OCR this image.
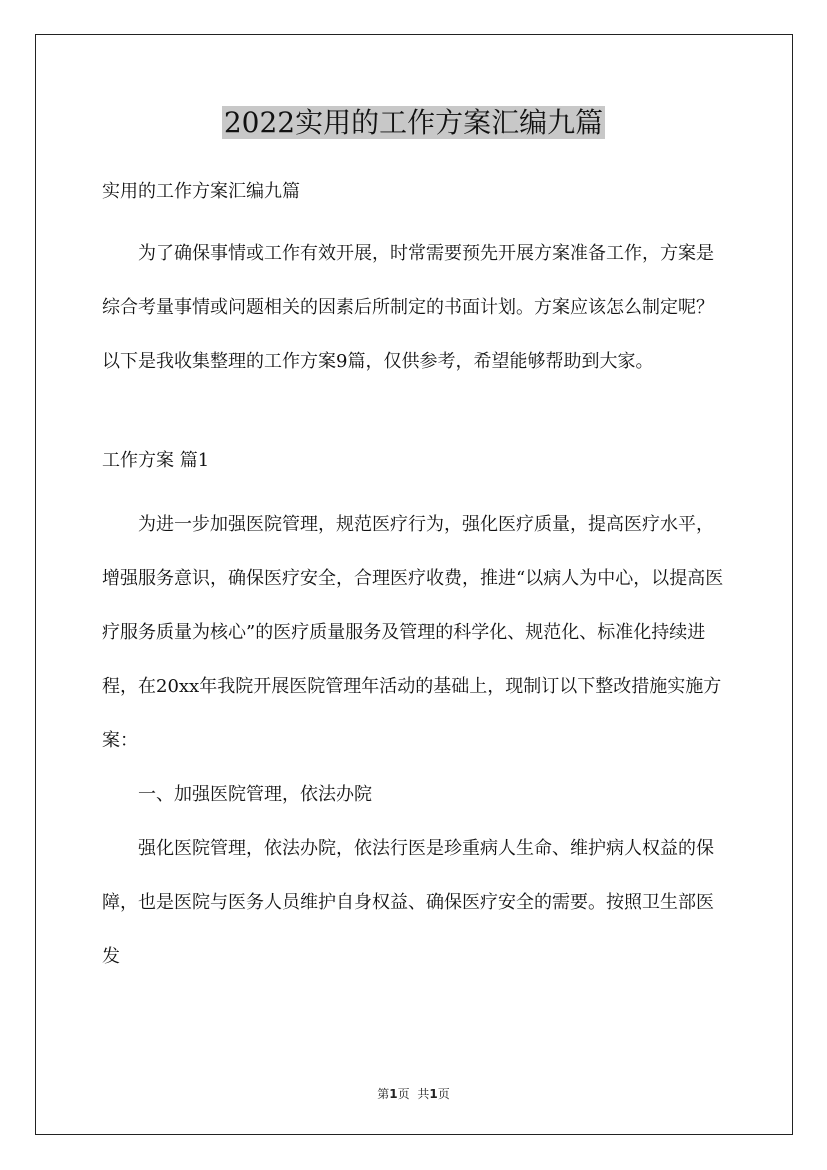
2022实用的工作方案汇编九篇

实用的工作方案汇编九篇

为了确保事情或工作有效开展，时常需要预先开展方案准备工作，方案是综合考量事情或问题相关的因素后所制定的书面计划。方案应该怎么制定呢？以下是我收集整理的工作方案9篇，仅供参考，希望能够帮助到大家。

工作方案 篇1

为进一步加强医院管理，规范医疗行为，强化医疗质量，提高医疗水平，增强服务意识，确保医疗安全，合理医疗收费，推进“以病人为中心，以提高医疗服务质量为核心”的医疗质量服务及管理的科学化、规范化、标准化持续进程，在20xx年我院开展医院管理年活动的基础上，现制订以下整改措施实施方案：

一、加强医院管理，依法办院

强化医院管理，依法办院，依法行医是珍重病人生命、维护病人权益的保障，也是医院与医务人员维护自身权益、确保医疗安全的需要。按照卫生部医发

第1页 共1页
